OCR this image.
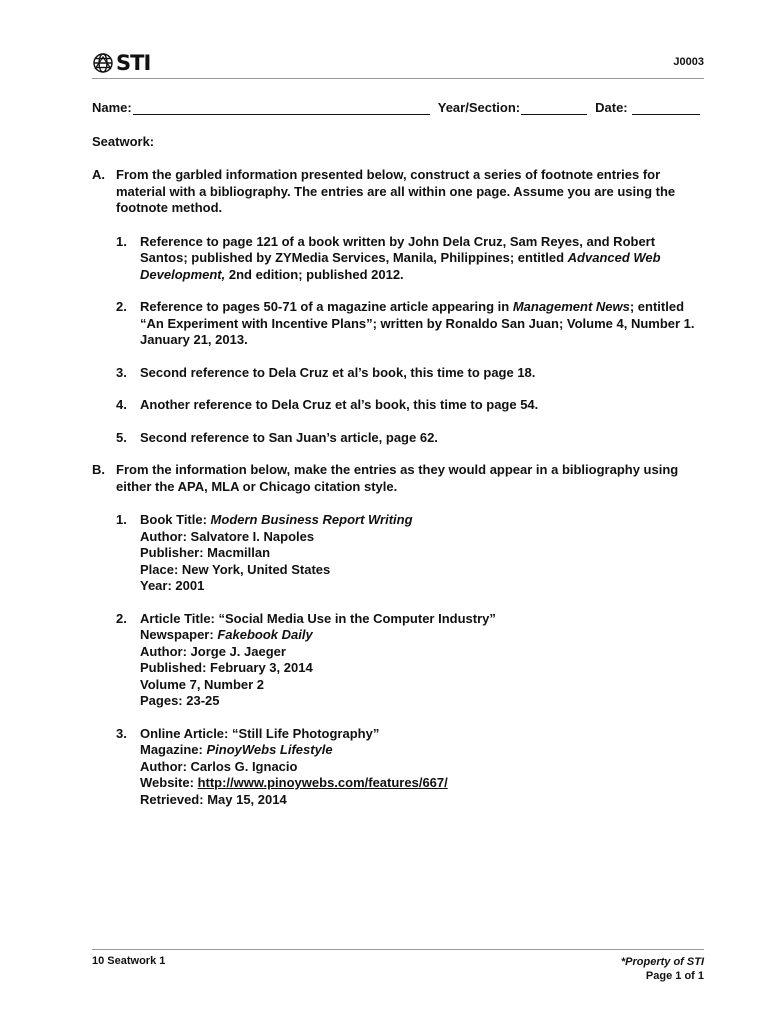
STI	J0003
Name:	Year/Section:	Date:
Seatwork:
A. From the garbled information presented below, construct a series of footnote entries for material with a bibliography. The entries are all within one page. Assume you are using the footnote method.
1.	Reference to page 121 of a book written by John Dela Cruz, Sam Reyes, and Robert Santos; published by ZYMedia Services, Manila, Philippines; entitled Advanced Web Development, 2nd edition; published 2012.
2.	Reference to pages 50-71 of a magazine article appearing in Management News; entitled “An Experiment with Incentive Plans”; written by Ronaldo San Juan; Volume 4, Number 1. January 21, 2013.
3.	Second reference to Dela Cruz et al’s book, this time to page 18.
4.	Another reference to Dela Cruz et al’s book, this time to page 54.
5.	Second reference to San Juan’s article, page 62.
B. From the information below, make the entries as they would appear in a bibliography using either the APA, MLA or Chicago citation style.
1.	Book Title: Modern Business Report Writing
Author: Salvatore I. Napoles
Publisher: Macmillan
Place: New York, United States
Year: 2001
2.	Article Title: “Social Media Use in the Computer Industry”
Newspaper: Fakebook Daily
Author: Jorge J. Jaeger
Published: February 3, 2014
Volume 7, Number 2
Pages: 23-25
3.	Online Article: “Still Life Photography”
Magazine: PinoyWebs Lifestyle
Author: Carlos G. Ignacio
Website: http://www.pinoywebs.com/features/667/
Retrieved: May 15, 2014
10 Seatwork 1	*Property of STI
Page 1 of 1
